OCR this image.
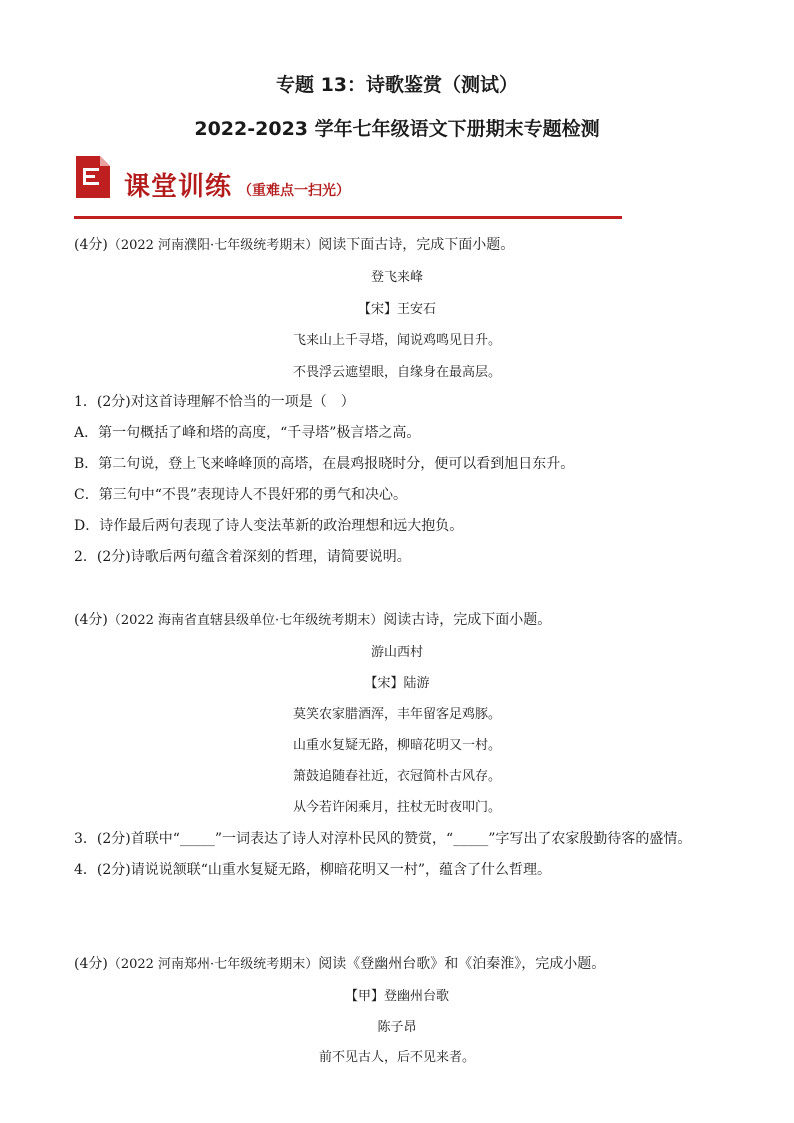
专题 13：诗歌鉴赏（测试）
2022-2023 学年七年级语文下册期末专题检测
课堂训练 （重难点一扫光）
(4分)（2022 河南濮阳·七年级统考期末）阅读下面古诗，完成下面小题。
登飞来峰
【宋】王安石
飞来山上千寻塔，闻说鸡鸣见日升。
不畏浮云遮望眼，自缘身在最高层。
1．(2分)对这首诗理解不恰当的一项是（　）
A．第一句概括了峰和塔的高度，“千寻塔”极言塔之高。
B．第二句说，登上飞来峰峰顶的高塔，在晨鸡报晓时分，便可以看到旭日东升。
C．第三句中“不畏”表现诗人不畏奸邪的勇气和决心。
D．诗作最后两句表现了诗人变法革新的政治理想和远大抱负。
2．(2分)诗歌后两句蕴含着深刻的哲理，请简要说明。
(4分)（2022 海南省直辖县级单位·七年级统考期末）阅读古诗，完成下面小题。
游山西村
【宋】陆游
莫笑农家腊酒浑，丰年留客足鸡豚。
山重水复疑无路，柳暗花明又一村。
箫鼓追随春社近，衣冠简朴古风存。
从今若许闲乘月，拄杖无时夜叩门。
3．(2分)首联中“_____”一词表达了诗人对淳朴民风的赞赏，“_____”字写出了农家殷勤待客的盛情。
4．(2分)请说说颔联“山重水复疑无路，柳暗花明又一村”，蕴含了什么哲理。
(4分)（2022 河南郑州·七年级统考期末）阅读《登幽州台歌》和《泊秦淮》，完成小题。
【甲】登幽州台歌
陈子昂
前不见古人，后不见来者。
